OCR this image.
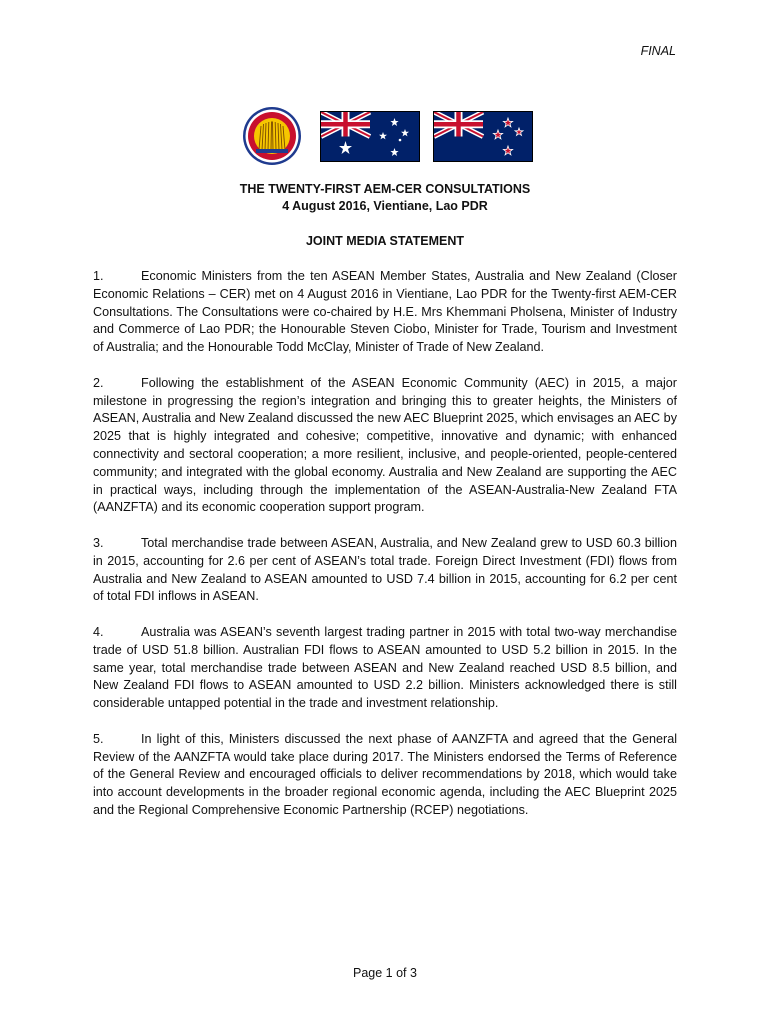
FINAL
THE TWENTY-FIRST AEM-CER CONSULTATIONS
4 August 2016, Vientiane, Lao PDR
JOINT MEDIA STATEMENT

1.	Economic Ministers from the ten ASEAN Member States, Australia and New Zealand (Closer Economic Relations – CER) met on 4 August 2016 in Vientiane, Lao PDR for the Twenty-first AEM-CER Consultations. The Consultations were co-chaired by H.E. Mrs Khemmani Pholsena, Minister of Industry and Commerce of Lao PDR; the Honourable Steven Ciobo, Minister for Trade, Tourism and Investment of Australia; and the Honourable Todd McClay, Minister of Trade of New Zealand.

2.	Following the establishment of the ASEAN Economic Community (AEC) in 2015, a major milestone in progressing the region’s integration and bringing this to greater heights, the Ministers of ASEAN, Australia and New Zealand discussed the new AEC Blueprint 2025, which envisages an AEC by 2025 that is highly integrated and cohesive; competitive, innovative and dynamic; with enhanced connectivity and sectoral cooperation; a more resilient, inclusive, and people-oriented, people-centered community; and integrated with the global economy. Australia and New Zealand are supporting the AEC in practical ways, including through the implementation of the ASEAN-Australia-New Zealand FTA (AANZFTA) and its economic cooperation support program.

3.	Total merchandise trade between ASEAN, Australia, and New Zealand grew to USD 60.3 billion in 2015, accounting for 2.6 per cent of ASEAN’s total trade. Foreign Direct Investment (FDI) flows from Australia and New Zealand to ASEAN amounted to USD 7.4 billion in 2015, accounting for 6.2 per cent of total FDI inflows in ASEAN.

4.	Australia was ASEAN’s seventh largest trading partner in 2015 with total two-way merchandise trade of USD 51.8 billion. Australian FDI flows to ASEAN amounted to USD 5.2 billion in 2015. In the same year, total merchandise trade between ASEAN and New Zealand reached USD 8.5 billion, and New Zealand FDI flows to ASEAN amounted to USD 2.2 billion. Ministers acknowledged there is still considerable untapped potential in the trade and investment relationship.

5.	In light of this, Ministers discussed the next phase of AANZFTA and agreed that the General Review of the AANZFTA would take place during 2017. The Ministers endorsed the Terms of Reference of the General Review and encouraged officials to deliver recommendations by 2018, which would take into account developments in the broader regional economic agenda, including the AEC Blueprint 2025 and the Regional Comprehensive Economic Partnership (RCEP) negotiations.

Page 1 of 3
